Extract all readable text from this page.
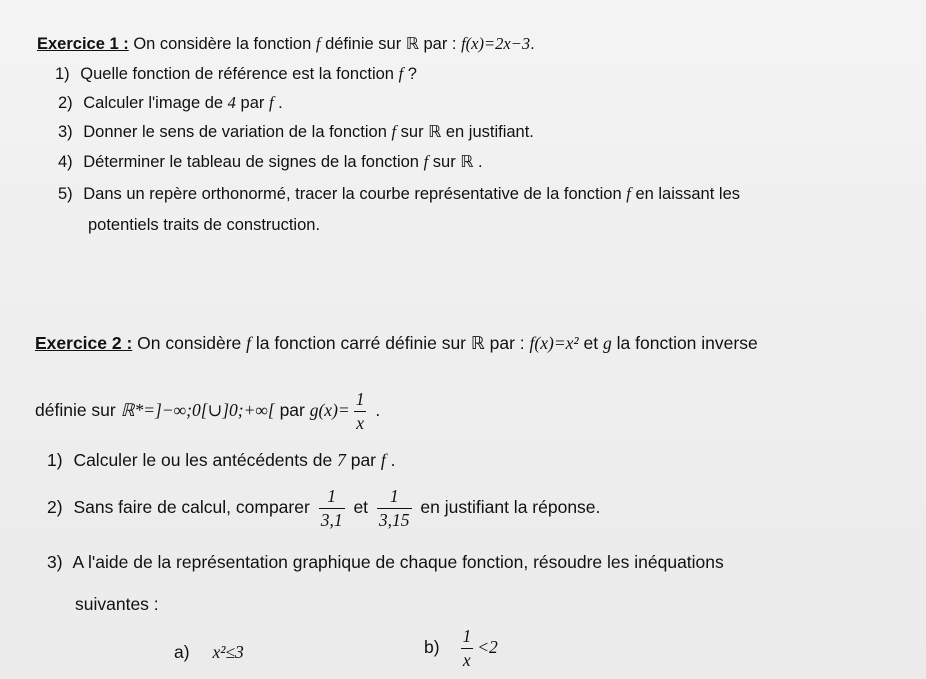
Exercice 1 : On considère la fonction f définie sur ℝ par : f(x)=2x−3.
1) Quelle fonction de référence est la fonction f ?
2) Calculer l'image de 4 par f .
3) Donner le sens de variation de la fonction f sur ℝ en justifiant.
4) Déterminer le tableau de signes de la fonction f sur ℝ .
5) Dans un repère orthonormé, tracer la courbe représentative de la fonction f en laissant les
potentiels traits de construction.
Exercice 2 : On considère f la fonction carré définie sur ℝ par : f(x)=x² et g la fonction inverse
définie sur ℝ*=]−∞;0[∪]0;+∞[ par $g(x)= \frac{1}{x}$ .
1) Calculer le ou les antécédents de 7 par f .
2) Sans faire de calcul, comparer $\frac{1}{3,1}$ et $\frac{1}{3,15}$ en justifiant la réponse.
3) A l'aide de la représentation graphique de chaque fonction, résoudre les inéquations
suivantes :
a) x²≤3	$b) \frac{1}{x} <2$
